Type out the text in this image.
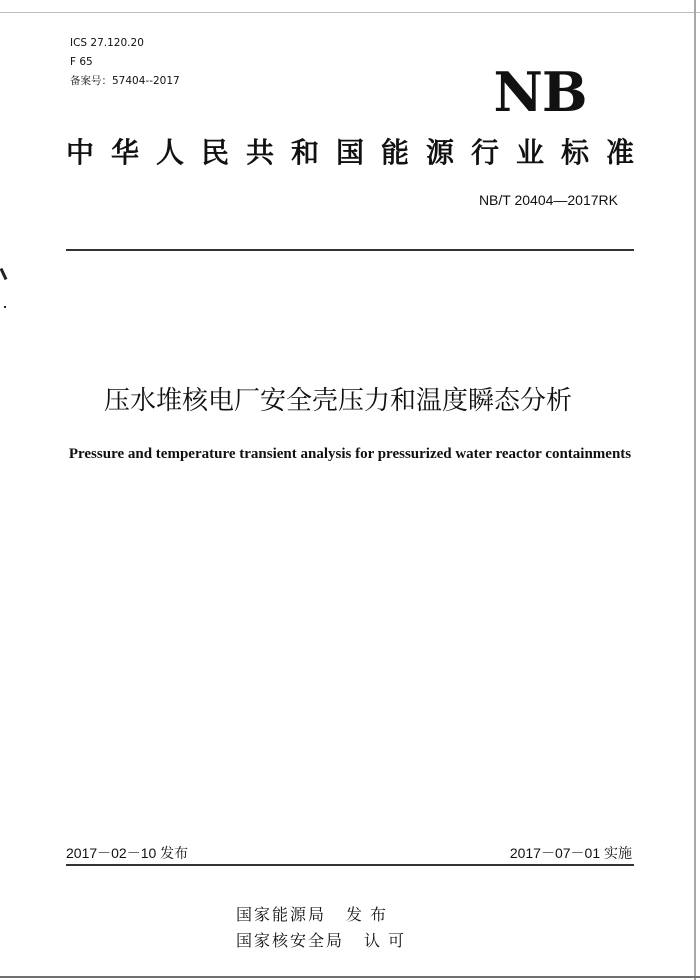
ICS 27.120.20
F 65
备案号：57404--2017	NB
中华人民共和国能源行业标准
NB/T 20404—2017RK
压水堆核电厂安全壳压力和温度瞬态分析
Pressure and temperature transient analysis for pressurized water reactor containments
2017－02－10 发布	2017－07－01 实施
国家能源局 发布
国家核安全局 认可
